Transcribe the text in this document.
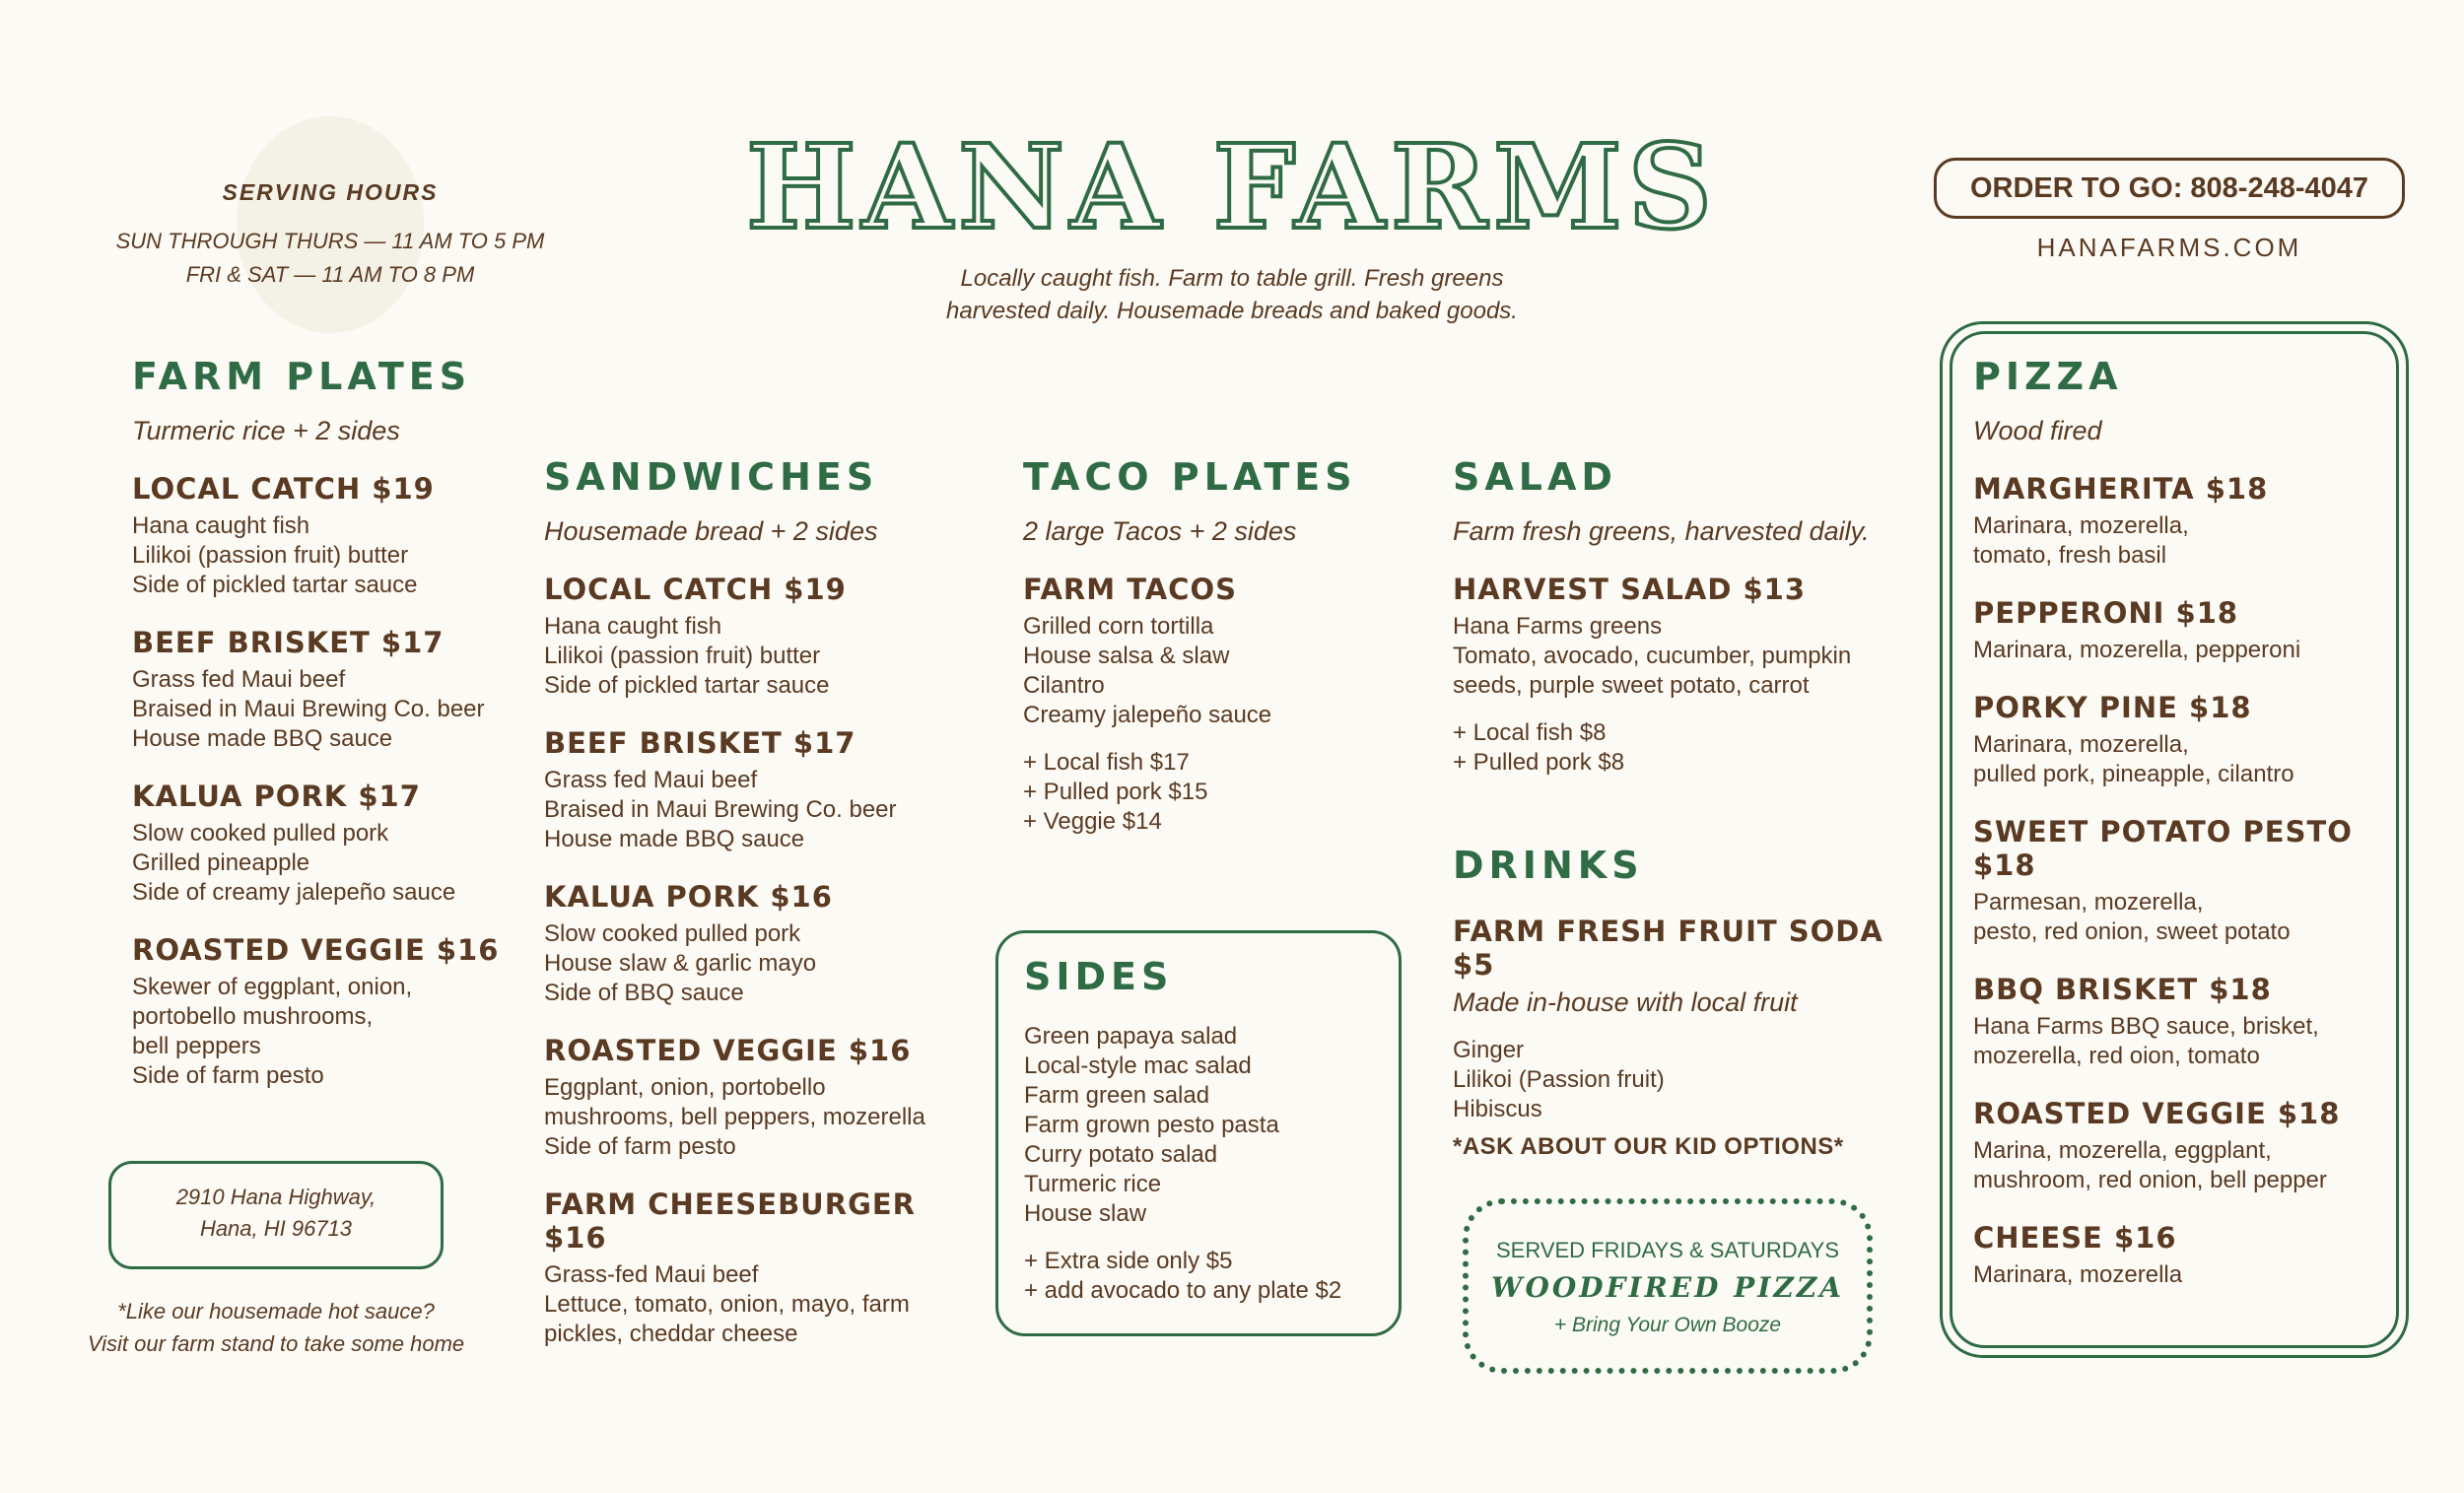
SERVING HOURS
SUN THROUGH THURS — 11 AM TO 5 PM
FRI & SAT — 11 AM TO 8 PM
HANA FARMS
Locally caught fish. Farm to table grill. Fresh greens
harvested daily. Housemade breads and baked goods.
ORDER TO GO: 808-248-4047
HANAFARMS.COM
FARM PLATES
Turmeric rice + 2 sides
LOCAL CATCH $19
Hana caught fish
Lilikoi (passion fruit) butter
Side of pickled tartar sauce
BEEF BRISKET $17
Grass fed Maui beef
Braised in Maui Brewing Co. beer
House made BBQ sauce
KALUA PORK $17
Slow cooked pulled pork
Grilled pineapple
Side of creamy jalepeño sauce
ROASTED VEGGIE $16
Skewer of eggplant, onion,
portobello mushrooms,
bell peppers
Side of farm pesto
2910 Hana Highway,
Hana, HI 96713
*Like our housemade hot sauce?
Visit our farm stand to take some home
SANDWICHES
Housemade bread + 2 sides
LOCAL CATCH $19
Hana caught fish
Lilikoi (passion fruit) butter
Side of pickled tartar sauce
BEEF BRISKET $17
Grass fed Maui beef
Braised in Maui Brewing Co. beer
House made BBQ sauce
KALUA PORK $16
Slow cooked pulled pork
House slaw & garlic mayo
Side of BBQ sauce
ROASTED VEGGIE $16
Eggplant, onion, portobello
mushrooms, bell peppers, mozerella
Side of farm pesto
FARM CHEESEBURGER $16
Grass-fed Maui beef
Lettuce, tomato, onion, mayo, farm
pickles, cheddar cheese
TACO PLATES
2 large Tacos + 2 sides
FARM TACOS
Grilled corn tortilla
House salsa & slaw
Cilantro
Creamy jalepeño sauce
+ Local fish $17
+ Pulled pork $15
+ Veggie $14
SIDES
Green papaya salad
Local-style mac salad
Farm green salad
Farm grown pesto pasta
Curry potato salad
Turmeric rice
House slaw
+ Extra side only $5
+ add avocado to any plate $2
SALAD
Farm fresh greens, harvested daily.
HARVEST SALAD $13
Hana Farms greens
Tomato, avocado, cucumber, pumpkin
seeds, purple sweet potato, carrot
+ Local fish $8
+ Pulled pork $8
DRINKS
FARM FRESH FRUIT SODA $5
Made in-house with local fruit
Ginger
Lilikoi (Passion fruit)
Hibiscus
*ASK ABOUT OUR KID OPTIONS*
SERVED FRIDAYS & SATURDAYS
WOODFIRED PIZZA
+ Bring Your Own Booze
PIZZA
Wood fired
MARGHERITA $18
Marinara, mozerella,
tomato, fresh basil
PEPPERONI $18
Marinara, mozerella, pepperoni
PORKY PINE $18
Marinara, mozerella,
pulled pork, pineapple, cilantro
SWEET POTATO PESTO $18
Parmesan, mozerella,
pesto, red onion, sweet potato
BBQ BRISKET $18
Hana Farms BBQ sauce, brisket,
mozerella, red oion, tomato
ROASTED VEGGIE $18
Marina, mozerella, eggplant,
mushroom, red onion, bell pepper
CHEESE $16
Marinara, mozerella
